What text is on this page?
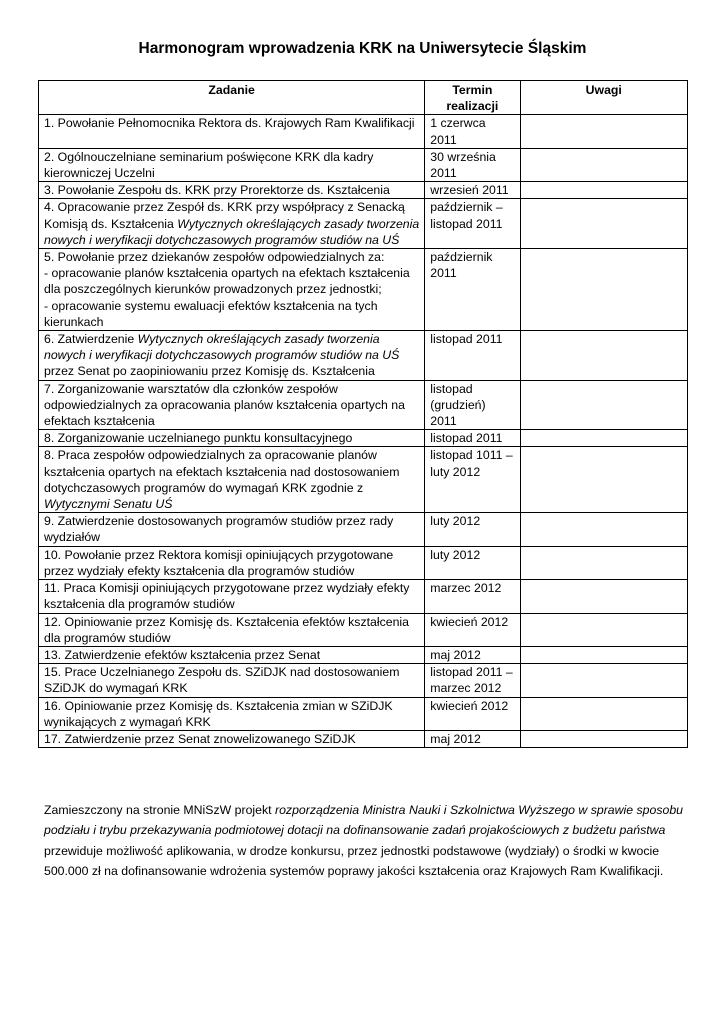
Harmonogram wprowadzenia KRK na Uniwersytecie Śląskim
Zadanie	Termin realizacji	Uwagi
1. Powołanie Pełnomocnika Rektora ds. Krajowych Ram Kwalifikacji	1 czerwca 2011	
2. Ogólnouczelniane seminarium poświęcone KRK dla kadry kierowniczej Uczelni	30 września 2011	
3. Powołanie Zespołu ds. KRK przy Prorektorze ds. Kształcenia	wrzesień 2011	
4. Opracowanie przez Zespół ds. KRK przy współpracy z Senacką Komisją ds. Kształcenia Wytycznych określających zasady tworzenia nowych i weryfikacji dotychczasowych programów studiów na UŚ	październik – listopad 2011	
5. Powołanie przez dziekanów zespołów odpowiedzialnych za:
- opracowanie planów kształcenia opartych na efektach kształcenia dla poszczególnych kierunków prowadzonych przez jednostki;
- opracowanie systemu ewaluacji efektów kształcenia na tych kierunkach	październik 2011	
6. Zatwierdzenie Wytycznych określających zasady tworzenia nowych i weryfikacji dotychczasowych programów studiów na UŚ przez Senat po zaopiniowaniu przez Komisję ds. Kształcenia	listopad 2011	
7. Zorganizowanie warsztatów dla członków zespołów odpowiedzialnych za opracowania planów kształcenia opartych na efektach kształcenia	listopad (grudzień) 2011	
8. Zorganizowanie uczelnianego punktu konsultacyjnego	listopad 2011	
8. Praca zespołów odpowiedzialnych za opracowanie planów kształcenia opartych na efektach kształcenia nad dostosowaniem dotychczasowych programów do wymagań KRK zgodnie z Wytycznymi Senatu UŚ	listopad 1011 – luty 2012	
9. Zatwierdzenie dostosowanych programów studiów przez rady wydziałów	luty 2012	
10. Powołanie przez Rektora komisji opiniujących przygotowane przez wydziały efekty kształcenia dla programów studiów	luty 2012	
11. Praca Komisji opiniujących przygotowane przez wydziały efekty kształcenia dla programów studiów	marzec 2012	
12. Opiniowanie przez Komisję ds. Kształcenia efektów kształcenia dla programów studiów	kwiecień 2012	
13. Zatwierdzenie efektów kształcenia przez Senat	maj 2012	
15. Prace Uczelnianego Zespołu ds. SZiDJK nad dostosowaniem SZiDJK do wymagań KRK	listopad 2011 – marzec 2012	
16. Opiniowanie przez Komisję ds. Kształcenia zmian w SZiDJK wynikających z wymagań KRK	kwiecień 2012	
17. Zatwierdzenie przez Senat znowelizowanego SZiDJK	maj 2012	
Zamieszczony na stronie MNiSzW projekt rozporządzenia Ministra Nauki i Szkolnictwa Wyższego w sprawie sposobu podziału i trybu przekazywania podmiotowej dotacji na dofinansowanie zadań projakościowych z budżetu państwa przewiduje możliwość aplikowania, w drodze konkursu, przez jednostki podstawowe (wydziały) o środki w kwocie 500.000 zł na dofinansowanie wdrożenia systemów poprawy jakości kształcenia oraz Krajowych Ram Kwalifikacji.
